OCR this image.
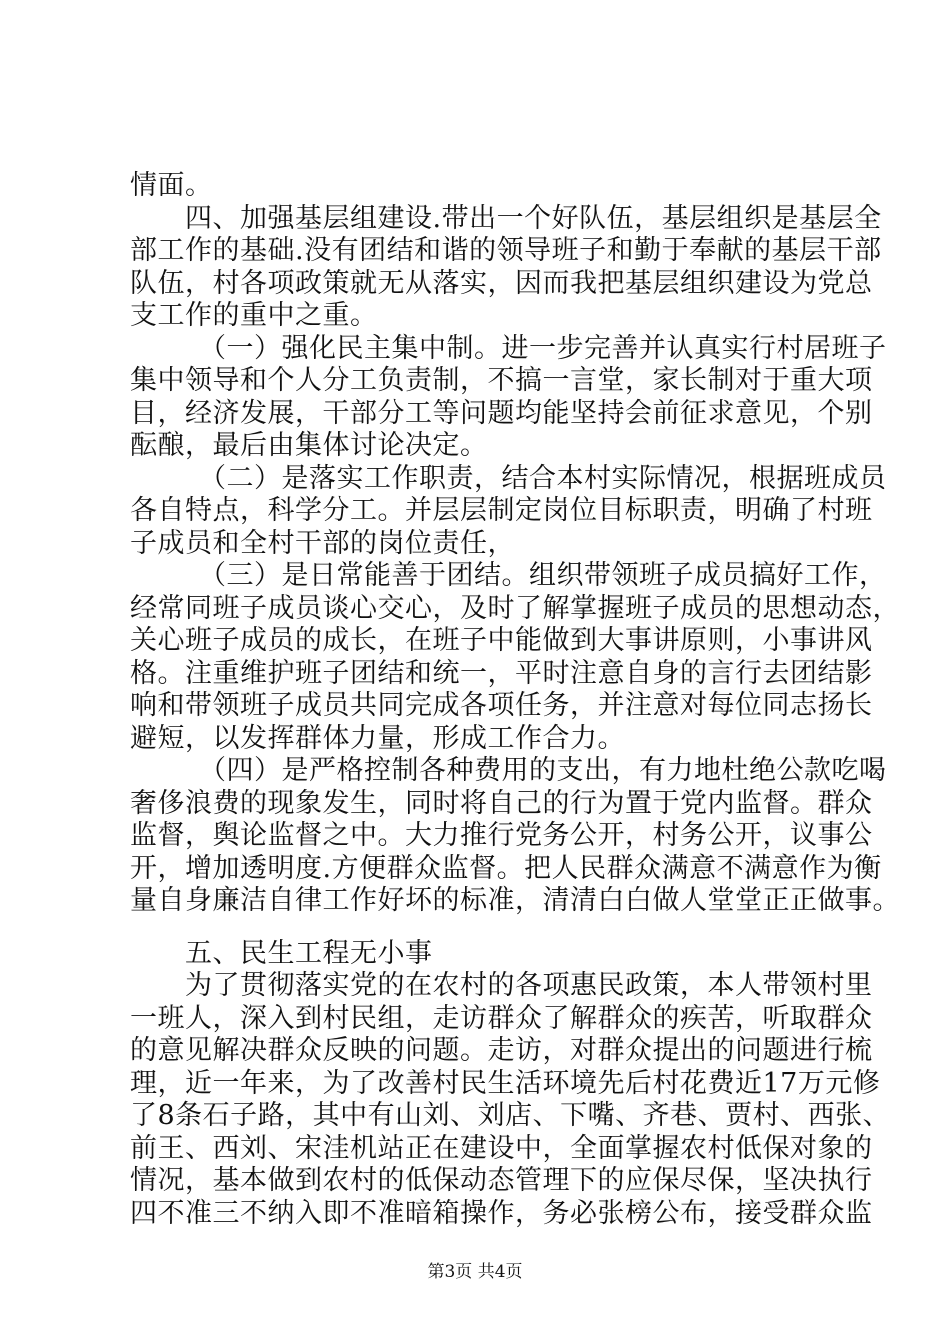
情面。
　　四、加强基层组建设.带出一个好队伍，基层组织是基层全
部工作的基础.没有团结和谐的领导班子和勤于奉献的基层干部
队伍，村各项政策就无从落实，因而我把基层组织建设为党总
支工作的重中之重。
　　　（一）强化民主集中制。进一步完善并认真实行村居班子
集中领导和个人分工负责制，不搞一言堂，家长制对于重大项
目，经济发展，干部分工等问题均能坚持会前征求意见，个别
酝酿，最后由集体讨论决定。
　　　（二）是落实工作职责，结合本村实际情况，根据班成员
各自特点，科学分工。并层层制定岗位目标职责，明确了村班
子成员和全村干部的岗位责任，
　　　（三）是日常能善于团结。组织带领班子成员搞好工作，
经常同班子成员谈心交心，及时了解掌握班子成员的思想动态，
关心班子成员的成长，在班子中能做到大事讲原则，小事讲风
格。注重维护班子团结和统一，平时注意自身的言行去团结影
响和带领班子成员共同完成各项任务，并注意对每位同志扬长
避短，以发挥群体力量，形成工作合力。
　　　（四）是严格控制各种费用的支出，有力地杜绝公款吃喝
奢侈浪费的现象发生，同时将自己的行为置于党内监督。群众
监督，舆论监督之中。大力推行党务公开，村务公开，议事公
开，增加透明度.方便群众监督。把人民群众满意不满意作为衡
量自身廉洁自律工作好坏的标准，清清白白做人堂堂正正做事。
　　五、民生工程无小事
　　为了贯彻落实党的在农村的各项惠民政策，本人带领村里
一班人，深入到村民组，走访群众了解群众的疾苦，听取群众
的意见解决群众反映的问题。走访，对群众提出的问题进行梳
理，近一年来，为了改善村民生活环境先后村花费近17万元修
了8条石子路，其中有山刘、刘店、下嘴、齐巷、贾村、西张、
前王、西刘、宋洼机站正在建设中，全面掌握农村低保对象的
情况，基本做到农村的低保动态管理下的应保尽保，坚决执行
四不准三不纳入即不准暗箱操作，务必张榜公布，接受群众监
第3页 共4页
